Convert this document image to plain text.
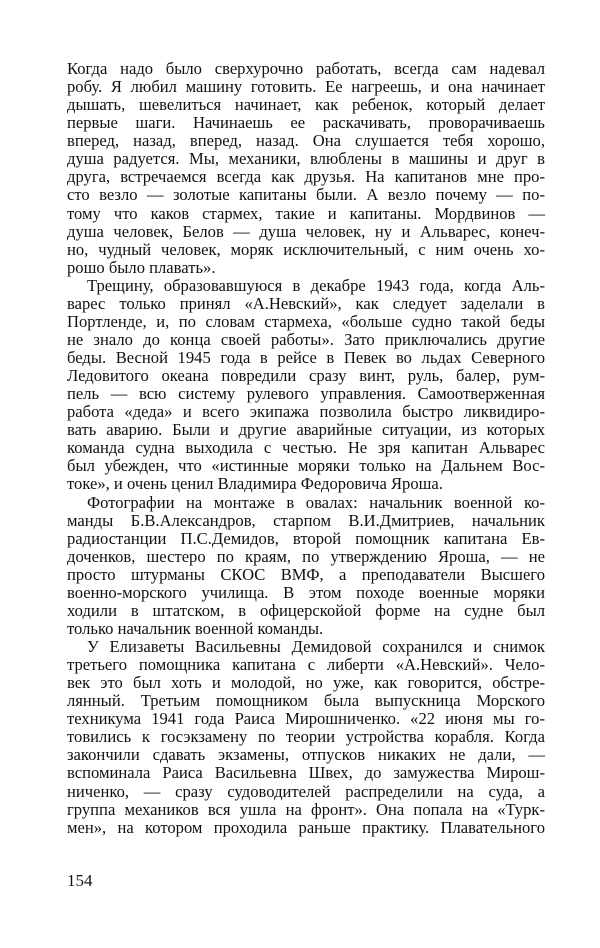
Когда надо было сверхурочно работать, всегда сам надевал
робу. Я любил машину готовить. Ее нагреешь, и она начинает
дышать, шевелиться начинает, как ребенок, который делает
первые шаги. Начинаешь ее раскачивать, проворачиваешь
вперед, назад, вперед, назад. Она слушается тебя хорошо,
душа радуется. Мы, механики, влюблены в машины и друг в
друга, встречаемся всегда как друзья. На капитанов мне про-
сто везло — золотые капитаны были. А везло почему — по-
тому что каков стармех, такие и капитаны. Мордвинов —
душа человек, Белов — душа человек, ну и Альварес, конеч-
но, чудный человек, моряк исключительный, с ним очень хо-
рошо было плавать».
Трещину, образовавшуюся в декабре 1943 года, когда Аль-
варес только принял «А.Невский», как следует заделали в
Портленде, и, по словам стармеха, «больше судно такой беды
не знало до конца своей работы». Зато приключались другие
беды. Весной 1945 года в рейсе в Певек во льдах Северного
Ледовитого океана повредили сразу винт, руль, балер, рум-
пель — всю систему рулевого управления. Самоотверженная
работа «деда» и всего экипажа позволила быстро ликвидиро-
вать аварию. Были и другие аварийные ситуации, из которых
команда судна выходила с честью. Не зря капитан Альварес
был убежден, что «истинные моряки только на Дальнем Вос-
токе», и очень ценил Владимира Федоровича Яроша.
Фотографии на монтаже в овалах: начальник военной ко-
манды Б.В.Александров, старпом В.И.Дмитриев, начальник
радиостанции П.С.Демидов, второй помощник капитана Ев-
доченков, шестеро по краям, по утверждению Яроша, — не
просто штурманы СКОС ВМФ, а преподаватели Высшего
военно-морского училища. В этом походе военные моряки
ходили в штатском, в офицерскойой форме на судне был
только начальник военной команды.
У Елизаветы Васильевны Демидовой сохранился и снимок
третьего помощника капитана с либерти «А.Невский». Чело-
век это был хоть и молодой, но уже, как говорится, обстре-
лянный. Третьим помощником была выпускница Морского
техникума 1941 года Раиса Мирошниченко. «22 июня мы го-
товились к госэкзамену по теории устройства корабля. Когда
закончили сдавать экзамены, отпусков никаких не дали, —
вспоминала Раиса Васильевна Швех, до замужества Мирош-
ниченко, — сразу судоводителей распределили на суда, а
группа механиков вся ушла на фронт». Она попала на «Турк-
мен», на котором проходила раньше практику. Плавательного
154
